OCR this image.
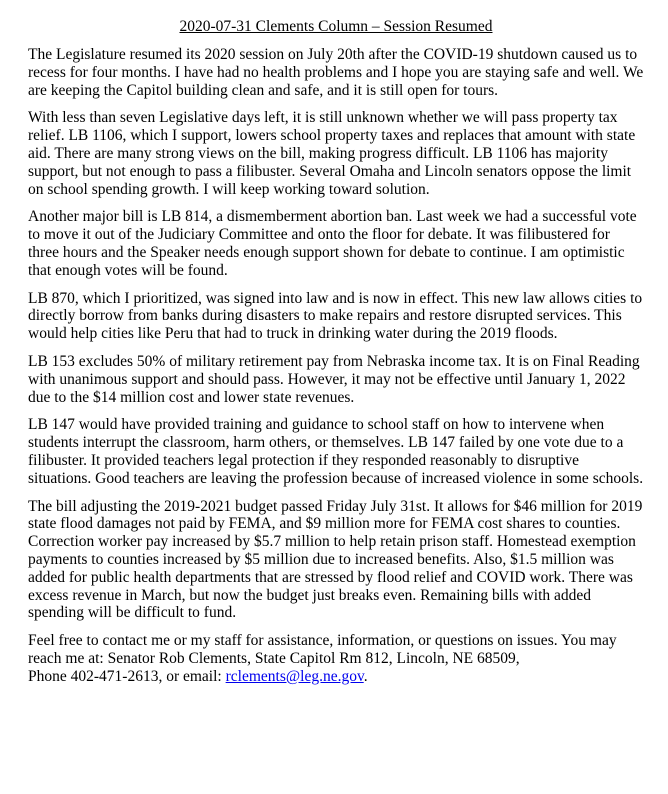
2020-07-31 Clements Column – Session Resumed

The Legislature resumed its 2020 session on July 20th after the COVID-19 shutdown caused us to recess for four months. I have had no health problems and I hope you are staying safe and well. We are keeping the Capitol building clean and safe, and it is still open for tours.

With less than seven Legislative days left, it is still unknown whether we will pass property tax relief. LB 1106, which I support, lowers school property taxes and replaces that amount with state aid. There are many strong views on the bill, making progress difficult. LB 1106 has majority support, but not enough to pass a filibuster. Several Omaha and Lincoln senators oppose the limit on school spending growth. I will keep working toward solution.

Another major bill is LB 814, a dismemberment abortion ban. Last week we had a successful vote to move it out of the Judiciary Committee and onto the floor for debate. It was filibustered for three hours and the Speaker needs enough support shown for debate to continue. I am optimistic that enough votes will be found.

LB 870, which I prioritized, was signed into law and is now in effect. This new law allows cities to directly borrow from banks during disasters to make repairs and restore disrupted services. This would help cities like Peru that had to truck in drinking water during the 2019 floods.

LB 153 excludes 50% of military retirement pay from Nebraska income tax. It is on Final Reading with unanimous support and should pass. However, it may not be effective until January 1, 2022 due to the $14 million cost and lower state revenues.

LB 147 would have provided training and guidance to school staff on how to intervene when students interrupt the classroom, harm others, or themselves. LB 147 failed by one vote due to a filibuster. It provided teachers legal protection if they responded reasonably to disruptive situations. Good teachers are leaving the profession because of increased violence in some schools.

The bill adjusting the 2019-2021 budget passed Friday July 31st. It allows for $46 million for 2019 state flood damages not paid by FEMA, and $9 million more for FEMA cost shares to counties. Correction worker pay increased by $5.7 million to help retain prison staff. Homestead exemption payments to counties increased by $5 million due to increased benefits. Also, $1.5 million was added for public health departments that are stressed by flood relief and COVID work. There was excess revenue in March, but now the budget just breaks even. Remaining bills with added spending will be difficult to fund.

Feel free to contact me or my staff for assistance, information, or questions on issues. You may reach me at: Senator Rob Clements, State Capitol Rm 812, Lincoln, NE 68509,
Phone 402-471-2613, or email: rclements@leg.ne.gov.
